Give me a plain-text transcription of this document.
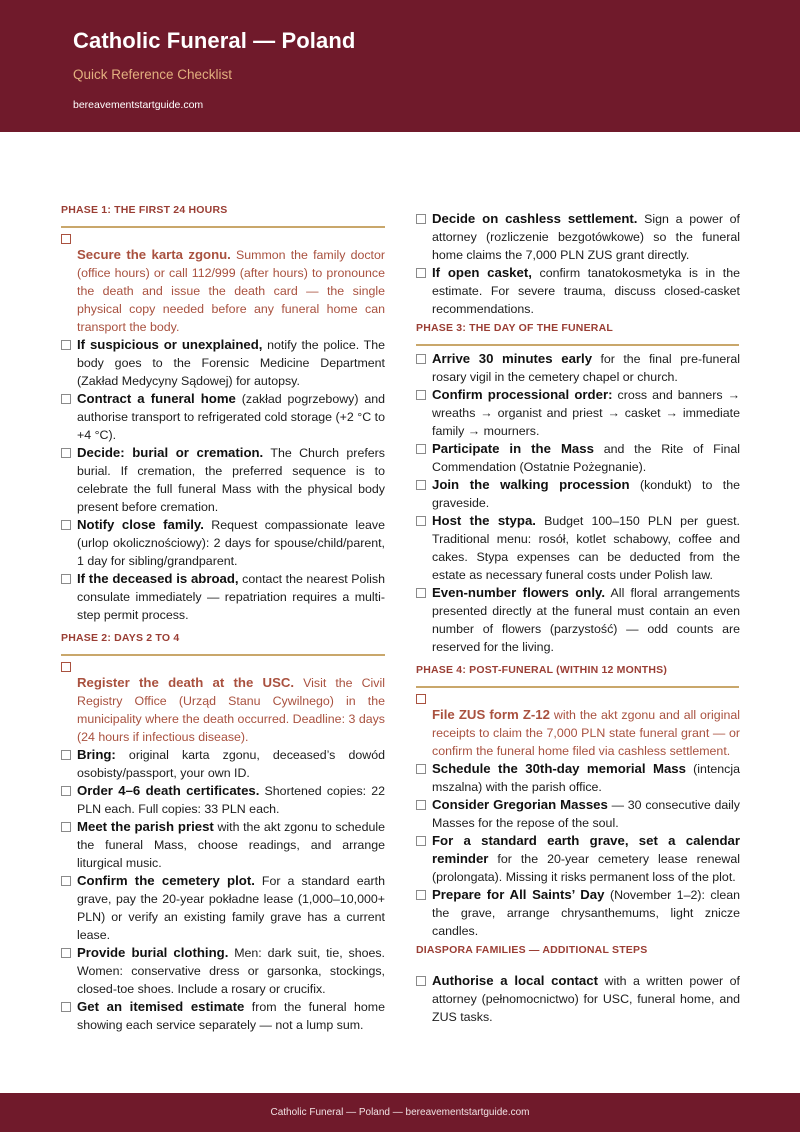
Catholic Funeral — Poland
Quick Reference Checklist
bereavementstartguide.com
PHASE 1: THE FIRST 24 HOURS

Secure the karta zgonu. Summon the family doctor (office hours) or call 112/999 (after hours) to pronounce the death and issue the death card — the single physical copy needed before any funeral home can transport the body.

If suspicious or unexplained, notify the police. The body goes to the Forensic Medicine Department (Zakład Medycyny Sądowej) for autopsy.

Contract a funeral home (zakład pogrzebowy) and authorise transport to refrigerated cold storage (+2 °C to +4 °C).

Decide: burial or cremation. The Church prefers burial. If cremation, the preferred sequence is to celebrate the full funeral Mass with the physical body present before cremation.

Notify close family. Request compassionate leave (urlop okolicznościowy): 2 days for spouse/child/parent, 1 day for sibling/grandparent.

If the deceased is abroad, contact the nearest Polish consulate immediately — repatriation requires a multi-step permit process.

PHASE 2: DAYS 2 TO 4

Register the death at the USC. Visit the Civil Registry Office (Urząd Stanu Cywilnego) in the municipality where the death occurred. Deadline: 3 days (24 hours if infectious disease).

Bring: original karta zgonu, deceased’s dowód osobisty/passport, your own ID.

Order 4–6 death certificates. Shortened copies: 22 PLN each. Full copies: 33 PLN each.

Meet the parish priest with the akt zgonu to schedule the funeral Mass, choose readings, and arrange liturgical music.

Confirm the cemetery plot. For a standard earth grave, pay the 20-year pokładne lease (1,000–10,000+ PLN) or verify an existing family grave has a current lease.

Provide burial clothing. Men: dark suit, tie, shoes. Women: conservative dress or garsonka, stockings, closed-toe shoes. Include a rosary or crucifix.

Get an itemised estimate from the funeral home showing each service separately — not a lump sum.

Decide on cashless settlement. Sign a power of attorney (rozliczenie bezgotówkowe) so the funeral home claims the 7,000 PLN ZUS grant directly.

If open casket, confirm tanatokosmetyka is in the estimate. For severe trauma, discuss closed-casket recommendations.

PHASE 3: THE DAY OF THE FUNERAL

Arrive 30 minutes early for the final pre-funeral rosary vigil in the cemetery chapel or church.

Confirm processional order: cross and banners → wreaths → organist and priest → casket → immediate family → mourners.

Participate in the Mass and the Rite of Final Commendation (Ostatnie Pożegnanie).

Join the walking procession (kondukt) to the graveside.

Host the stypa. Budget 100–150 PLN per guest. Traditional menu: rosół, kotlet schabowy, coffee and cakes. Stypa expenses can be deducted from the estate as necessary funeral costs under Polish law.

Even-number flowers only. All floral arrangements presented directly at the funeral must contain an even number of flowers (parzystość) — odd counts are reserved for the living.

PHASE 4: POST-FUNERAL (WITHIN 12 MONTHS)

File ZUS form Z-12 with the akt zgonu and all original receipts to claim the 7,000 PLN state funeral grant — or confirm the funeral home filed via cashless settlement.

Schedule the 30th-day memorial Mass (intencja mszalna) with the parish office.

Consider Gregorian Masses — 30 consecutive daily Masses for the repose of the soul.

For a standard earth grave, set a calendar reminder for the 20-year cemetery lease renewal (prolongata). Missing it risks permanent loss of the plot.

Prepare for All Saints’ Day (November 1–2): clean the grave, arrange chrysanthemums, light znicze candles.

DIASPORA FAMILIES — ADDITIONAL STEPS

Authorise a local contact with a written power of attorney (pełnomocnictwo) for USC, funeral home, and ZUS tasks.

Catholic Funeral — Poland — bereavementstartguide.com
